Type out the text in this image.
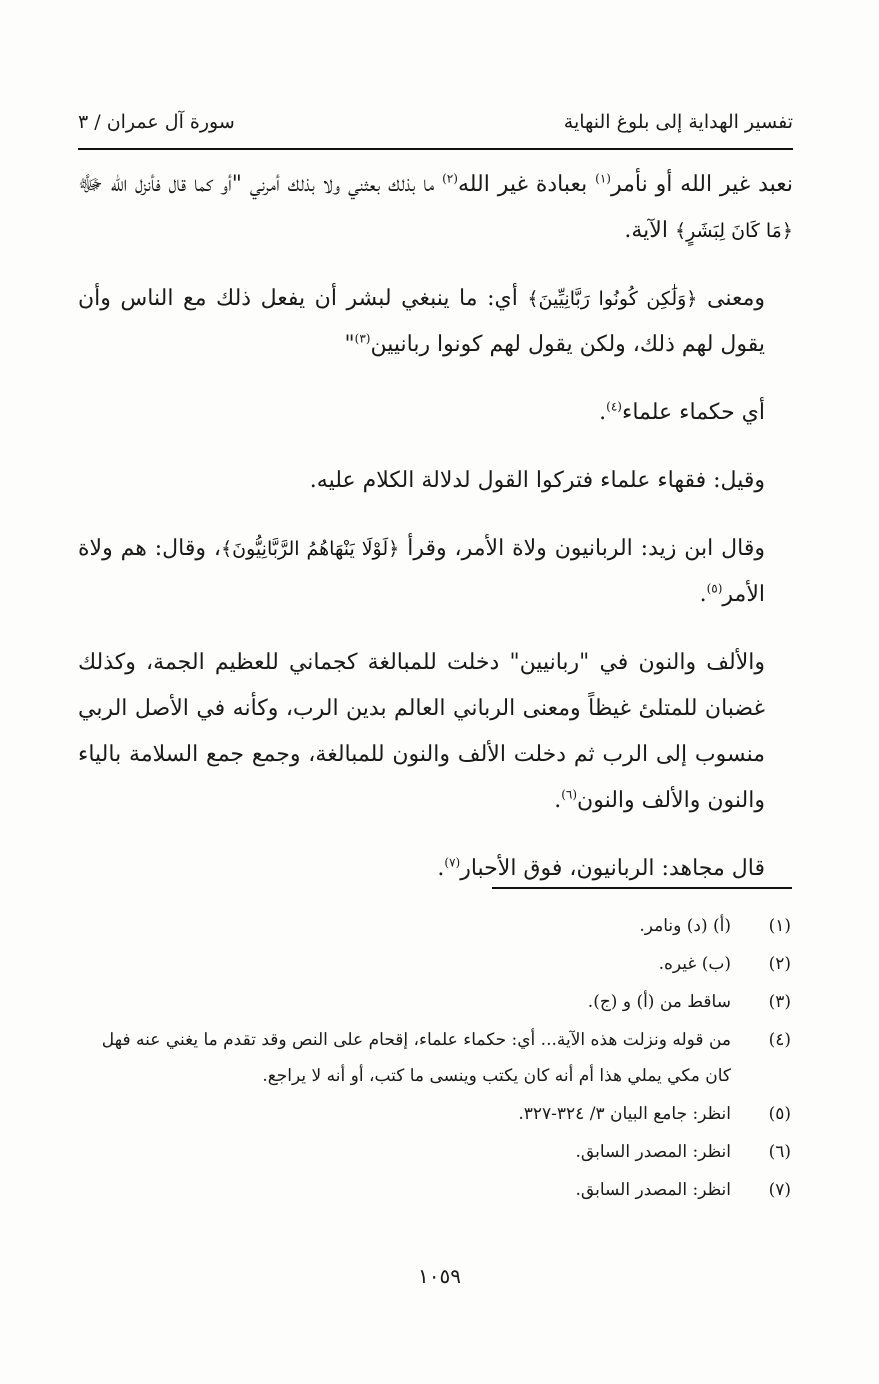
تفسير الهداية إلى بلوغ النهاية
سورة آل عمران / ٣

نعبد غير الله أو نأمر$^{(١)}$ بعبادة غير الله$^{(٢)}$ ما بذلك بعثني ولا بذلك أمرني "أو كما قال فأنزل الله ﷻ ﴿مَا كَانَ لِبَشَرٍ﴾ الآية.

ومعنى ﴿وَلَٰكِن كُونُوا رَبَّانِيِّينَ﴾ أي: ما ينبغي لبشر أن يفعل ذلك مع الناس وأن يقول لهم ذلك، ولكن يقول لهم كونوا ربانيين$^{(٣)}$"

أي حكماء علماء$^{(٤)}$.

وقيل: فقهاء علماء فتركوا القول لدلالة الكلام عليه.

وقال ابن زيد: الربانيون ولاة الأمر، وقرأ ﴿لَوْلَا يَنْهَاهُمُ الرَّبَّانِيُّونَ﴾، وقال: هم ولاة الأمر$^{(٥)}$.

والألف والنون في "ربانيين" دخلت للمبالغة كجماني للعظيم الجمة، وكذلك غضبان للمتلئ غيظاً ومعنى الرباني العالم بدين الرب، وكأنه في الأصل الربي منسوب إلى الرب ثم دخلت الألف والنون للمبالغة، وجمع جمع السلامة بالياء والنون والألف والنون$^{(٦)}$.

قال مجاهد: الربانيون، فوق الأحبار$^{(٧)}$.

(١)
(أ) (د) ونامر.
(٢)
(ب) غيره.
(٣)
ساقط من (أ) و (ج).
(٤)
من قوله ونزلت هذه الآية... أي: حكماء علماء، إقحام على النص وقد تقدم ما يغني عنه فهل كان مكي يملي هذا أم أنه كان يكتب وينسى ما كتب، أو أنه لا يراجع.
(٥)
انظر: جامع البيان ٣/ ٣٢٤-٣٢٧.
(٦)
انظر: المصدر السابق.
(٧)
انظر: المصدر السابق.
١٠٥٩
